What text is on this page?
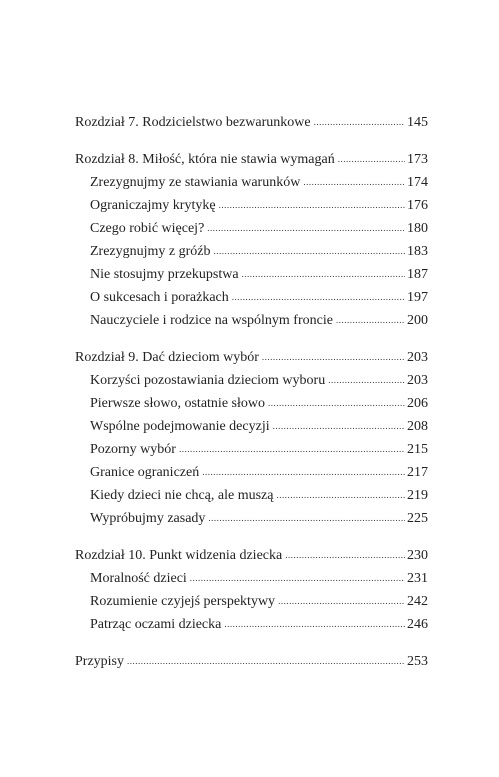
Rozdział 7. Rodzicielstwo bezwarunkowe .....	145
Rozdział 8. Miłość, która nie stawia wymagań .....	173
Zrezygnujmy ze stawiania warunków .....	174
Ograniczajmy krytykę .....	176
Czego robić więcej? .....	180
Zrezygnujmy z gróźb .....	183
Nie stosujmy przekupstwa .....	187
O sukcesach i porażkach .....	197
Nauczyciele i rodzice na wspólnym froncie .....	200
Rozdział 9. Dać dzieciom wybór .....	203
Korzyści pozostawiania dzieciom wyboru .....	203
Pierwsze słowo, ostatnie słowo .....	206
Wspólne podejmowanie decyzji .....	208
Pozorny wybór .....	215
Granice ograniczeń .....	217
Kiedy dzieci nie chcą, ale muszą .....	219
Wypróbujmy zasady .....	225
Rozdział 10. Punkt widzenia dziecka .....	230
Moralność dzieci .....	231
Rozumienie czyjejś perspektywy .....	242
Patrząc oczami dziecka .....	246
Przypisy .....	253
